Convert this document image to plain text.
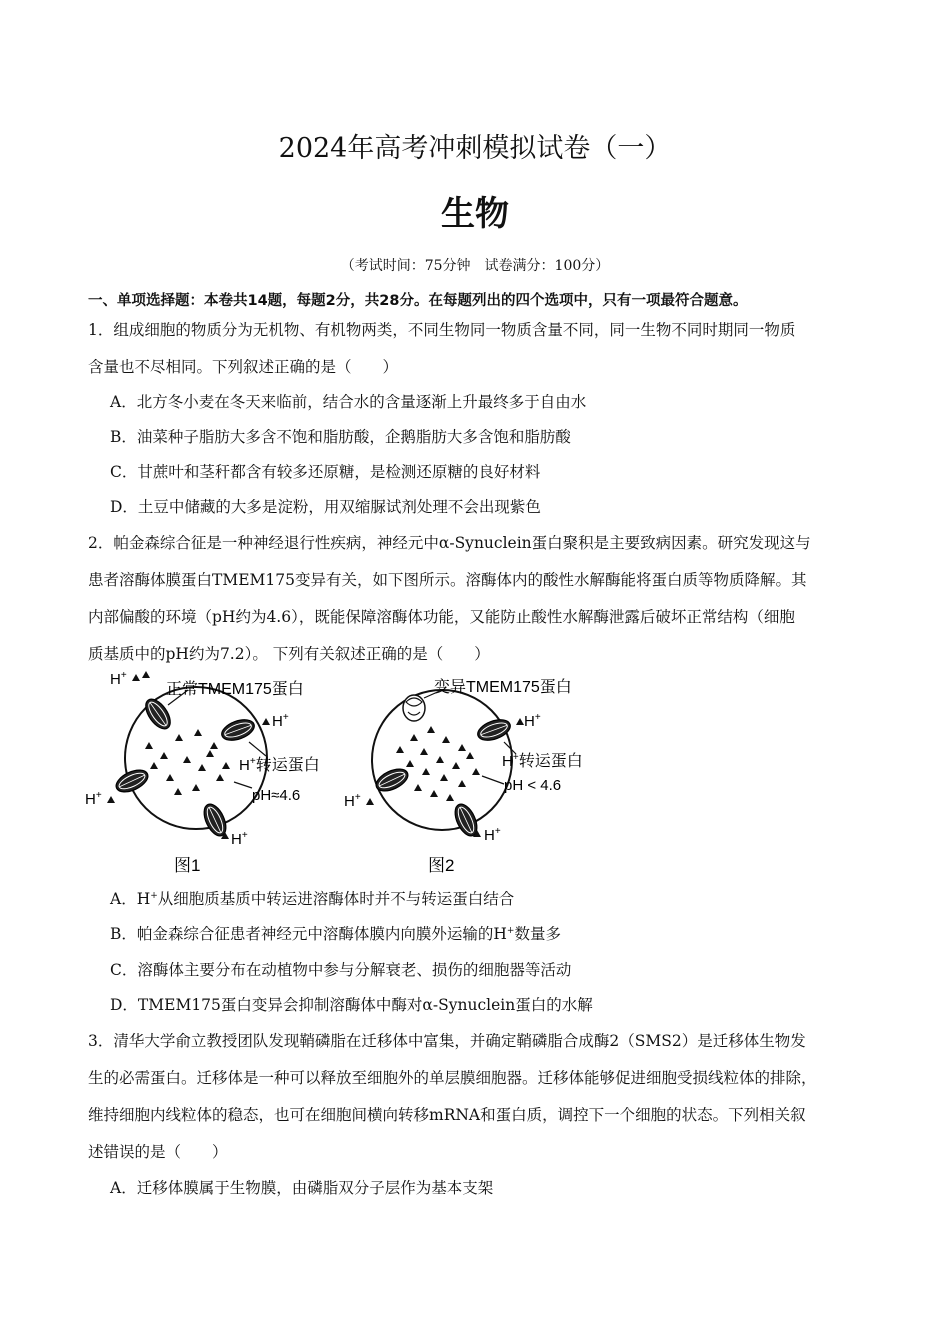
2024年高考冲刺模拟试卷（一）
生物
（考试时间：75分钟　试卷满分：100分）
一、单项选择题：本卷共14题，每题2分，共28分。在每题列出的四个选项中，只有一项最符合题意。
1．组成细胞的物质分为无机物、有机物两类，不同生物同一物质含量不同，同一生物不同时期同一物质
含量也不尽相同。下列叙述正确的是（　　）
A．北方冬小麦在冬天来临前，结合水的含量逐渐上升最终多于自由水
B．油菜种子脂肪大多含不饱和脂肪酸，企鹅脂肪大多含饱和脂肪酸
C．甘蔗叶和茎秆都含有较多还原糖，是检测还原糖的良好材料
D．土豆中储藏的大多是淀粉，用双缩脲试剂处理不会出现紫色
2．帕金森综合征是一种神经退行性疾病，神经元中α-Synuclein蛋白聚积是主要致病因素。研究发现这与
患者溶酶体膜蛋白TMEM175变异有关，如下图所示。溶酶体内的酸性水解酶能将蛋白质等物质降解。其
内部偏酸的环境（pH约为4.6），既能保障溶酶体功能，又能防止酸性水解酶泄露后破坏正常结构（细胞
质基质中的pH约为7.2）。 下列有关叙述正确的是（　　）
H+
H+
H+
H+
正常TMEM175蛋白
H+转运蛋白
pH≈4.6
图1
H+
H+
H+
变异TMEM175蛋白
H+转运蛋白
pH < 4.6
图2
A．H+从细胞质基质中转运进溶酶体时并不与转运蛋白结合
B．帕金森综合征患者神经元中溶酶体膜内向膜外运输的H+数量多
C．溶酶体主要分布在动植物中参与分解衰老、损伤的细胞器等活动
D．TMEM175蛋白变异会抑制溶酶体中酶对α-Synuclein蛋白的水解
3．清华大学俞立教授团队发现鞘磷脂在迁移体中富集，并确定鞘磷脂合成酶2（SMS2）是迁移体生物发
生的必需蛋白。迁移体是一种可以释放至细胞外的单层膜细胞器。迁移体能够促进细胞受损线粒体的排除，
维持细胞内线粒体的稳态，也可在细胞间横向转移mRNA和蛋白质，调控下一个细胞的状态。下列相关叙
述错误的是（　　）
A．迁移体膜属于生物膜，由磷脂双分子层作为基本支架
